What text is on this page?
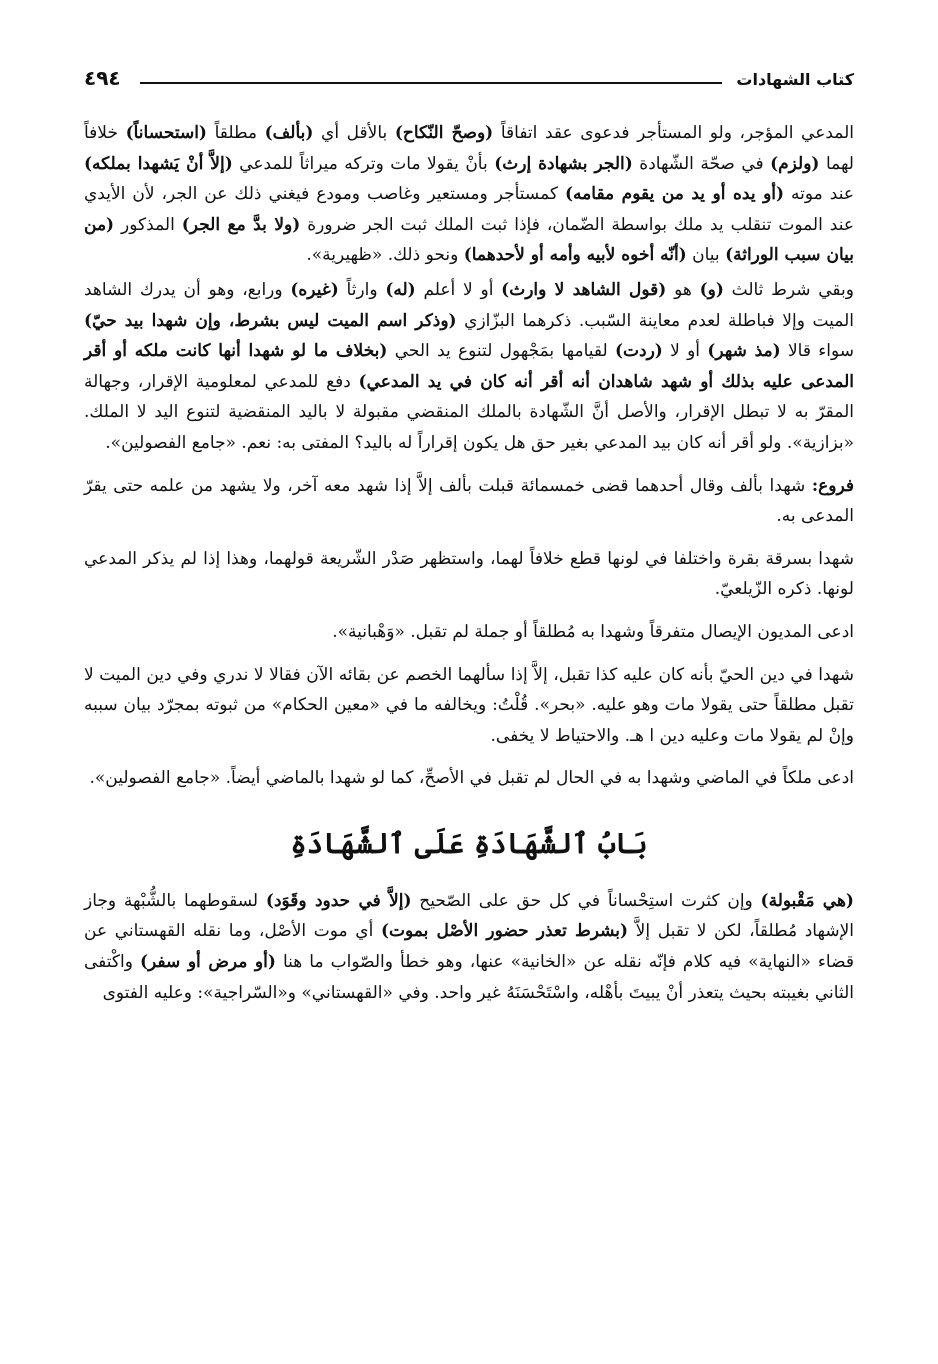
٤٩٤	كتاب الشهادات

المدعي المؤجر، ولو المستأجر فدعوى عقد اتفاقاً (وصحّ النّكاح) بالأقل أي (بألف) مطلقاً (استحساناً) خلافاً لهما (ولزم) في صحّة الشّهادة (الجر بشهادة إرث) بأنْ يقولا مات وتركه ميراثاً للمدعي (إلاَّ أنْ يَشهدا بملكه) عند موته (أو يده أو يد من يقوم مقامه) كمستأجر ومستعير وغاصب ومودع فيغني ذلك عن الجر، لأن الأيدي عند الموت تنقلب يد ملك بواسطة الضّمان، فإذا ثبت الملك ثبت الجر ضرورة (ولا بدَّ مع الجر) المذكور (من بيان سبب الوراثة) بيان (أنّه أخوه لأبيه وأمه أو لأحدهما) ونحو ذلك. «ظهيرية».

وبقي شرط ثالث (و) هو (قول الشاهد لا وارث) أو لا أعلم (له) وارثاً (غيره) ورابع، وهو أن يدرك الشاهد الميت وإلا فباطلة لعدم معاينة السّبب. ذكرهما البزّازي (وذكر اسم الميت ليس بشرط، وإن شهدا بيد حيّ) سواء قالا (مذ شهر) أو لا (ردت) لقيامها بمَجْهول لتنوع يد الحي (بخلاف ما لو شهدا أنها كانت ملكه أو أقر المدعى عليه بذلك أو شهد شاهدان أنه أقر أنه كان في يد المدعي) دفع للمدعي لمعلومية الإقرار، وجهالة المقرّ به لا تبطل الإقرار، والأصل أنَّ الشّهادة بالملك المنقضي مقبولة لا باليد المنقضية لتنوع اليد لا الملك. «بزازية». ولو أقر أنه كان بيد المدعي بغير حق هل يكون إقراراً له باليد؟ المفتى به: نعم. «جامع الفصولين».

فروع: شهدا بألف وقال أحدهما قضى خمسمائة قبلت بألف إلاَّ إذا شهد معه آخر، ولا يشهد من علمه حتى يقرّ المدعى به.

شهدا بسرقة بقرة واختلفا في لونها قطع خلافاً لهما، واستظهر صَدْر الشّريعة قولهما، وهذا إذا لم يذكر المدعي لونها. ذكره الزّيلعيّ.

ادعى المديون الإيصال متفرقاً وشهدا به مُطلقاً أو جملة لم تقبل. «وَهْبانية».

شهدا في دين الحيّ بأنه كان عليه كذا تقبل، إلاَّ إذا سألهما الخصم عن بقائه الآن فقالا لا ندري وفي دين الميت لا تقبل مطلقاً حتى يقولا مات وهو عليه. «بحر». قُلْتُ: ويخالفه ما في «معين الحكام» من ثبوته بمجرّد بيان سببه وإنْ لم يقولا مات وعليه دين ا هـ. والاحتياط لا يخفى.

ادعى ملكاً في الماضي وشهدا به في الحال لم تقبل في الأصحِّ، كما لو شهدا بالماضي أيضاً. «جامع الفصولين».

بَابُ ٱلشَّهَادَةِ عَلَى ٱلشَّهَادَةِ

(هي مَقْبولة) وإن كثرت استِحْساناً في كل حق على الصّحيح (إلاَّ في حدود وقَوَد) لسقوطهما بالشُّبْهة وجاز الإشهاد مُطلقاً، لكن لا تقبل إلاَّ (بشرط تعذر حضور الأصْل بموت) أي موت الأصْل، وما نقله القهستاني عن قضاء «النهاية» فيه كلام فإنّه نقله عن «الخانية» عنها، وهو خطأ والصّواب ما هنا (أو مرض أو سفر) واكْتفى الثاني بغيبته بحيث يتعذر أنْ يبيتَ بأهْله، واسْتَحْسَنَهُ غير واحد. وفي «القهستاني» و«السّراجية»: وعليه الفتوى
